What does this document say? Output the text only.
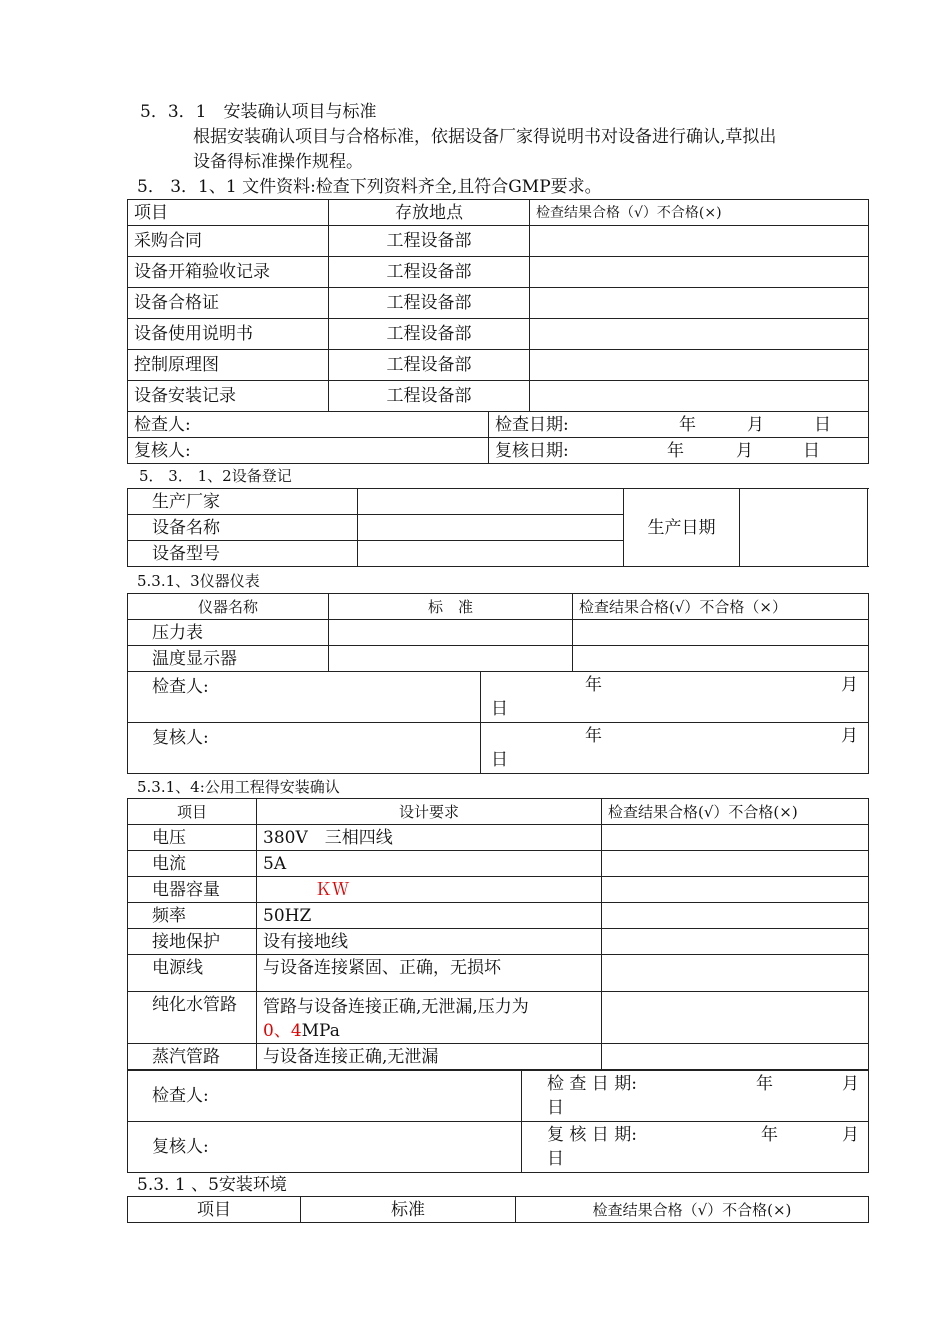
5．3．1　安装确认项目与标准
根据安装确认项目与合格标准，依据设备厂家得说明书对设备进行确认,草拟出
设备得标准操作规程。
5． 3．1、1 文件资料:检查下列资料齐全,且符合GMP要求。
项目	存放地点	检查结果合格（√）不合格(×)
采购合同	工程设备部	
设备开箱验收记录	工程设备部	
设备合格证	工程设备部	
设备使用说明书	工程设备部	
控制原理图	工程设备部	
设备安装记录	工程设备部	
检查人:	检查日期: 年 月 日

复核人:	复核日期: 年 月 日
5． 3． 1、2设备登记
生产厂家		生产日期	
设备名称			
设备型号			
5.3.1、3仪器仪表
仪器名称	标　准	检查结果合格(√）不合格（×）
压力表		
温度显示器		
检查人:	年 月
日

复核人:	年 月
日
5.3.1、4:公用工程得安装确认
项目	设计要求	检查结果合格(√）不合格(×)
电压	380V　三相四线	
电流	5A	
电器容量	ＫＷ	
频率	50HZ	
接地保护	设有接地线	
电源线	与设备连接紧固、正确，无损坏	
纯化水管路	管路与设备连接正确,无泄漏,压力为
0、4MPa	

蒸汽管路	与设备连接正确,无泄漏	
检查人:	检 查 日 期: 年 月
日

复核人:	复 核 日 期: 年 月
日
5.3. 1 、5安装环境
项目	标准	检查结果合格（√）不合格(×)
